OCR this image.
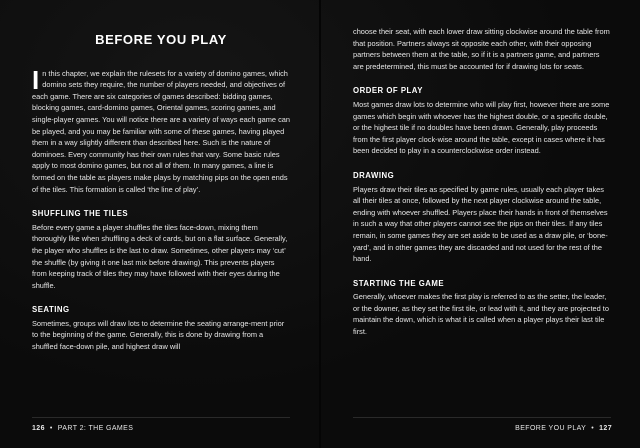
BEFORE YOU PLAY

In this chapter, we explain the rulesets for a variety of domino games, which domino sets they require, the number of players needed, and objectives of each game. There are six categories of games described: bidding games, blocking games, card-domino games, Oriental games, scoring games, and single-player games. You will notice there are a variety of ways each game can be played, and you may be familiar with some of these games, having played them in a way slightly different than described here. Such is the nature of dominoes. Every community has their own rules that vary. Some basic rules apply to most domino games, but not all of them. In many games, a line is formed on the table as players make plays by matching pips on the open ends of the tiles. This formation is called ‘the line of play’.

SHUFFLING THE TILES

Before every game a player shuffles the tiles face-down, mixing them thoroughly like when shuffling a deck of cards, but on a flat surface. Generally, the player who shuffles is the last to draw. Sometimes, other players may ‘cut’ the shuffle (by giving it one last mix before drawing). This prevents players from keeping track of tiles they may have followed with their eyes during the shuffle.

SEATING

Sometimes, groups will draw lots to determine the seating arrange-ment prior to the beginning of the game. Generally, this is done by drawing from a shuffled face-down pile, and highest draw will

126 • PART 2: THE GAMES

choose their seat, with each lower draw sitting clockwise around the table from that position. Partners always sit opposite each other, with their opposing partners between them at the table, so if it is a partners game, and partners are predetermined, this must be accounted for if drawing lots for seats.

ORDER OF PLAY

Most games draw lots to determine who will play first, however there are some games which begin with whoever has the highest double, or a specific double, or the highest tile if no doubles have been drawn. Generally, play proceeds from the first player clock-wise around the table, except in cases where it has been decided to play in a counterclockwise order instead.

DRAWING

Players draw their tiles as specified by game rules, usually each player takes all their tiles at once, followed by the next player clockwise around the table, ending with whoever shuffled. Players place their hands in front of themselves in such a way that other players cannot see the pips on their tiles. If any tiles remain, in some games they are set aside to be used as a draw pile, or ‘bone-yard’, and in other games they are discarded and not used for the rest of the hand.

STARTING THE GAME

Generally, whoever makes the first play is referred to as the setter, the leader, or the downer, as they set the first tile, or lead with it, and they are projected to maintain the down, which is what it is called when a player plays their last tile first.

BEFORE YOU PLAY • 127
